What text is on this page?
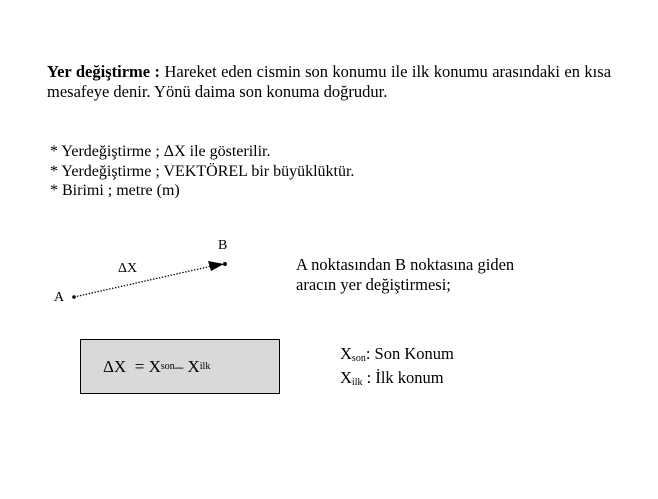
Yer değiştirme : Hareket eden cismin son konumu ile ilk konumu arasındaki en kısa mesafeye denir. Yönü daima son konuma doğrudur.

* Yerdeğiştirme ; ΔX ile gösterilir.
* Yerdeğiştirme ; VEKTÖREL bir büyüklüktür.
* Birimi ; metre (m)
A
B
ΔX	A noktasından B noktasına giden
aracın yer değiştirmesi;

ΔX
=
X son –
X ilk
$X_{son}$: Son Konum
$X_{ilk}$ : İlk konum
